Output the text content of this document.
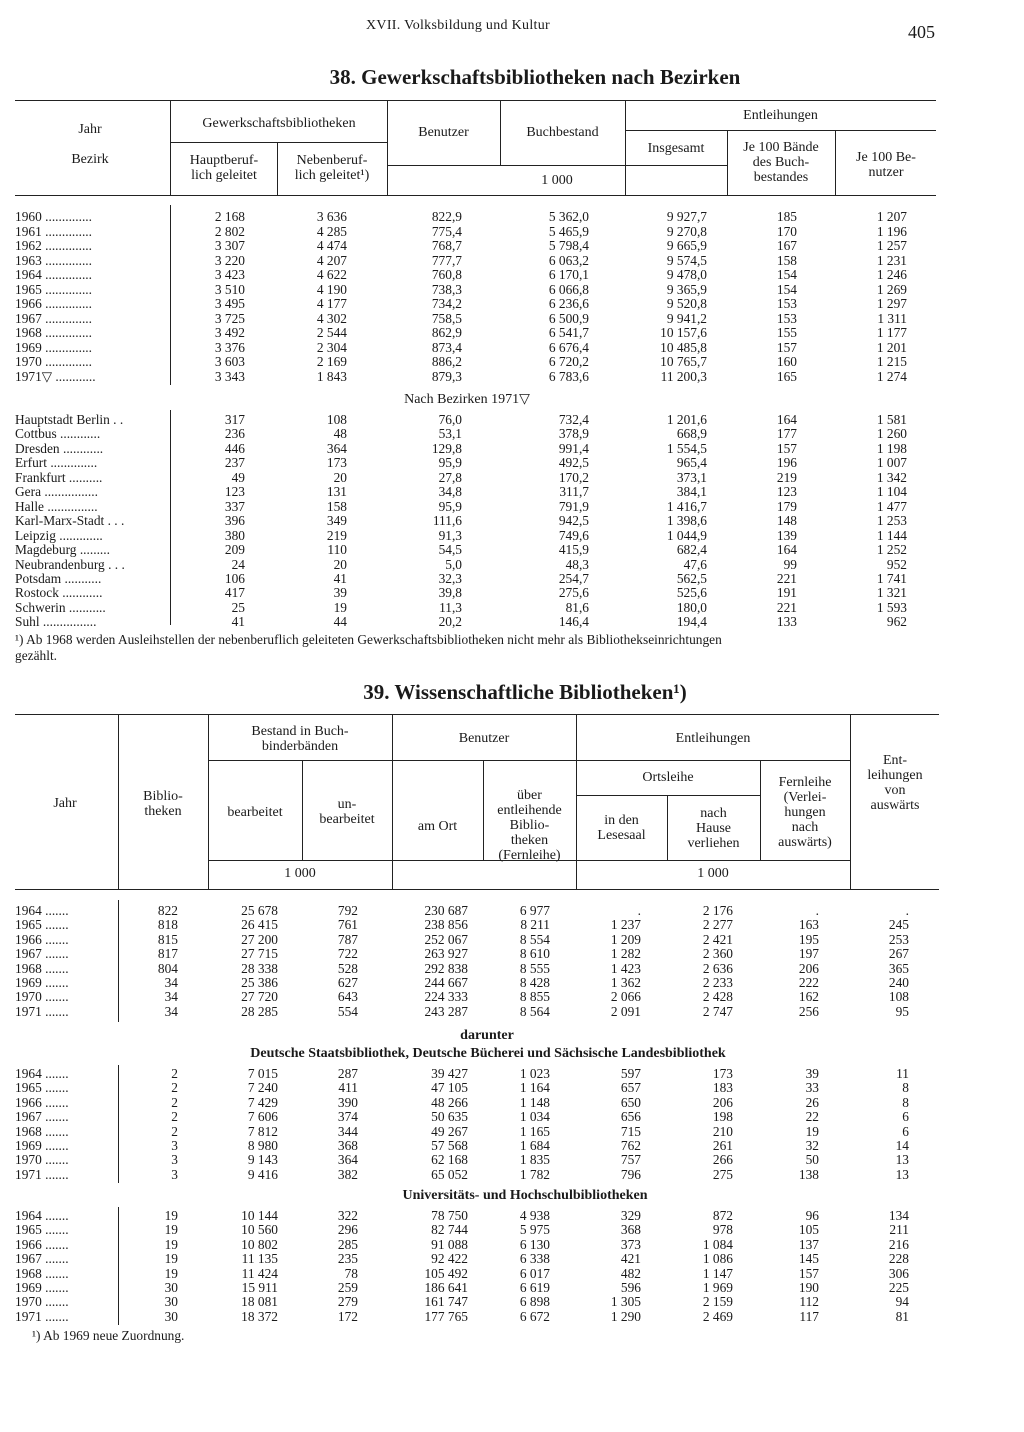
XVII. Volksbildung und Kultur	405
38. Gewerkschaftsbibliotheken nach Bezirken
Jahr
Bezirk
Gewerkschaftsbibliotheken
Hauptberuf-
lich geleitet
Nebenberuf-
lich geleitet¹)
Benutzer	Buchbestand
1 000
Entleihungen
Insgesamt	Je 100 Bände
des Buch-
bestandes
Je 100 Be-
nutzer
1960 ..............	2 168	3 636	822,9	5 362,0	9 927,7	185	1 207
1961 ..............	2 802	4 285	775,4	5 465,9	9 270,8	170	1 196
1962 ..............	3 307	4 474	768,7	5 798,4	9 665,9	167	1 257
1963 ..............	3 220	4 207	777,7	6 063,2	9 574,5	158	1 231
1964 ..............	3 423	4 622	760,8	6 170,1	9 478,0	154	1 246
1965 ..............	3 510	4 190	738,3	6 066,8	9 365,9	154	1 269
1966 ..............	3 495	4 177	734,2	6 236,6	9 520,8	153	1 297
1967 ..............	3 725	4 302	758,5	6 500,9	9 941,2	153	1 311
1968 ..............	3 492	2 544	862,9	6 541,7	10 157,6	155	1 177
1969 ..............	3 376	2 304	873,4	6 676,4	10 485,8	157	1 201
1970 ..............	3 603	2 169	886,2	6 720,2	10 765,7	160	1 215
1971▽ ............	3 343	1 843	879,3	6 783,6	11 200,3	165	1 274
Nach Bezirken 1971▽
Hauptstadt Berlin . .	317	108	76,0	732,4	1 201,6	164	1 581
Cottbus ............	236	48	53,1	378,9	668,9	177	1 260
Dresden ............	446	364	129,8	991,4	1 554,5	157	1 198
Erfurt ..............	237	173	95,9	492,5	965,4	196	1 007
Frankfurt ..........	49	20	27,8	170,2	373,1	219	1 342
Gera ................	123	131	34,8	311,7	384,1	123	1 104
Halle ...............	337	158	95,9	791,9	1 416,7	179	1 477
Karl-Marx-Stadt . . .	396	349	111,6	942,5	1 398,6	148	1 253
Leipzig .............	380	219	91,3	749,6	1 044,9	139	1 144
Magdeburg .........	209	110	54,5	415,9	682,4	164	1 252
Neubrandenburg . . .	24	20	5,0	48,3	47,6	99	952
Potsdam ...........	106	41	32,3	254,7	562,5	221	1 741
Rostock ............	417	39	39,8	275,6	525,6	191	1 321
Schwerin ...........	25	19	11,3	81,6	180,0	221	1 593
Suhl ................	41	44	20,2	146,4	194,4	133	962
¹) Ab 1968 werden Ausleihstellen der nebenberuflich geleiteten Gewerkschaftsbibliotheken nicht mehr als Bibliothekseinrichtungen
gezählt.
39. Wissenschaftliche Bibliotheken¹)
Jahr	Biblio-
theken
Bestand in Buch-
binderbänden
bearbeitet
un-
bearbeitet
Benutzer
am Ort
über
entleihende
Biblio-
theken
(Fernleihe)
Entleihungen
Ortsleihe
in den
Lesesaal
nach
Hause
verliehen
Fernleihe
(Verlei-
hungen
nach
auswärts)
Ent-
leihungen
von
auswärts
1 000	1 000
1964 .......	822	25 678	792	230 687	6 977	.	2 176	.	.
1965 .......	818	26 415	761	238 856	8 211	1 237	2 277	163	245
1966 .......	815	27 200	787	252 067	8 554	1 209	2 421	195	253
1967 .......	817	27 715	722	263 927	8 610	1 282	2 360	197	267
1968 .......	804	28 338	528	292 838	8 555	1 423	2 636	206	365
1969 .......	34	25 386	627	244 667	8 428	1 362	2 233	222	240
1970 .......	34	27 720	643	224 333	8 855	2 066	2 428	162	108
1971 .......	34	28 285	554	243 287	8 564	2 091	2 747	256	95
darunter
Deutsche Staatsbibliothek, Deutsche Bücherei und Sächsische Landesbibliothek
1964 .......	2	7 015	287	39 427	1 023	597	173	39	11
1965 .......	2	7 240	411	47 105	1 164	657	183	33	8
1966 .......	2	7 429	390	48 266	1 148	650	206	26	8
1967 .......	2	7 606	374	50 635	1 034	656	198	22	6
1968 .......	2	7 812	344	49 267	1 165	715	210	19	6
1969 .......	3	8 980	368	57 568	1 684	762	261	32	14
1970 .......	3	9 143	364	62 168	1 835	757	266	50	13
1971 .......	3	9 416	382	65 052	1 782	796	275	138	13
Universitäts- und Hochschulbibliotheken
1964 .......	19	10 144	322	78 750	4 938	329	872	96	134
1965 .......	19	10 560	296	82 744	5 975	368	978	105	211
1966 .......	19	10 802	285	91 088	6 130	373	1 084	137	216
1967 .......	19	11 135	235	92 422	6 338	421	1 086	145	228
1968 .......	19	11 424	78	105 492	6 017	482	1 147	157	306
1969 .......	30	15 911	259	186 641	6 619	596	1 969	190	225
1970 .......	30	18 081	279	161 747	6 898	1 305	2 159	112	94
1971 .......	30	18 372	172	177 765	6 672	1 290	2 469	117	81
¹) Ab 1969 neue Zuordnung.
